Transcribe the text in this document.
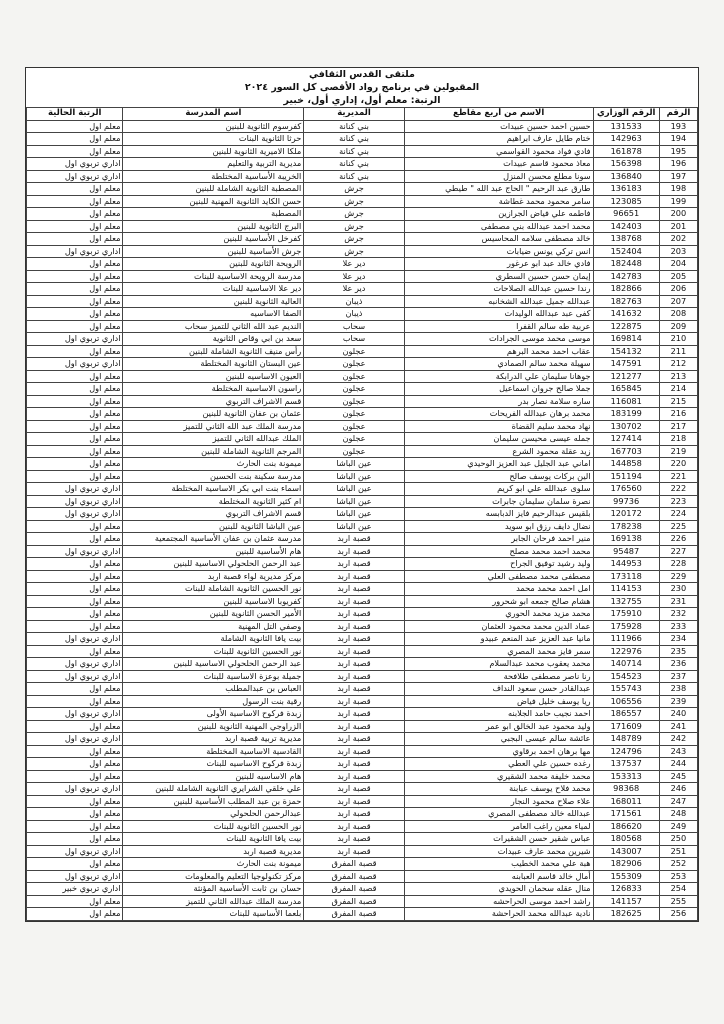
ملتقى القدس الثقافي
المقبولين في برنامج رواد الأقصى كل السور ٢٠٢٤
الرتبة: معلم أول، إداري أول، خبير
الرقم	الرقم الوزاري	الاسم من أربع مقاطع	المديرية	اسم المدرسة	الرتبة الحالية
193	131533	حسين احمد حسين عبيدات	بني كنانة	كفرسوم الثانوية للبنين	معلم اول
194	142963	ختام طايل عارف ابراهيم	بني كنانة	حرثا الثانوية البنات	معلم اول
195	161878	فادي فواد محمود القواسمي	بني كنانة	ملكا الاميرية الثانوية للبنين	معلم اول
196	156398	معاذ محمود قاسم عبيدات	بني كنانة	مديرية التربية والتعليم	اداري تربوي اول
197	136840	سونا مطلع محسن المنزل	بني كنانة	الخريبة الأساسية المختلطة	اداري تربوي اول
198	136183	طارق عبد الرحيم " الحاج عبد الله " طيطي	جرش	المصطبة الثانوية الشاملة للبنين	معلم اول
199	123085	سامر محمود محمد غطاشة	جرش	حسن الكايد الثانوية المهنية للبنين	معلم اول
200	96651	فاطمه علي فياض الجرازين	جرش	المصطبة	معلم اول
201	142403	محمد احمد عبدالله بني مصطفى	جرش	البرج الثانوية للبنين	معلم اول
202	138768	خالد مصطفى سلامه المحاسيس	جرش	كفرخل الأساسية للبنين	معلم اول
203	152404	انس تركي يونس ضيابات	جرش	جرش الأساسية للبنين	اداري تربوي اول
204	182448	فادي خالد عبد ابو عرغور	دير علا	الرويحة الثانوية للبنين	معلم اول
205	142783	إيمان حسن حسين السطري	دير علا	مدرسة الرويحة الاساسية للبنات	معلم اول
206	182866	رندا حسين عبدالله الصلاحات	دير علا	دير علا الاساسية للبنات	معلم اول
207	182763	عبدالله جميل عبدالله الشخانبه	ذيبان	العالية الثانوية للبنين	معلم اول
208	141632	كفى عبد عبدالله الوليدات	ذيبان	الصفا الاساسيه	معلم اول
209	122875	عربية طه سالم القفرا	سحاب	النديم عبد الله الثاني للتميز سحاب	معلم اول
210	169814	موسى محمد موسى الجرادات	سحاب	سعد بن ابي وقاص الثانوية	اداري تربوي اول
211	154132	عقاب احمد محمد البرهم	عجلون	رأس منيف الثانوية الشاملة للبنين	معلم اول
212	147591	سهيلة محمد سالم الصمادي	عجلون	عين البستان الثانوية المختلطة	اداري تربوي اول
213	121277	جوهانا سليمان علي الدرابكة	عجلون	العيون الاساسيه للبنين	معلم اول
214	165845	جملا صالح جروان اسماعيل	عجلون	راسون الاساسية المختلطة	معلم اول
215	116081	ساره سلامة نصار بدر	عجلون	قسم الاشراف التربوي	معلم اول
216	183199	محمد برهان عبدالله الفريحات	عجلون	عثمان بن عفان الثانوية للبنين	معلم اول
217	130702	نهاد محمد سليم القضاة	عجلون	مدرسة الملك عبد الله الثاني للتميز	معلم اول
218	127414	جمله عيسى محيسن سليمان	عجلون	الملك عبدالله الثاني للتميز	معلم اول
219	167703	زيد عقلة محمود الشرع	عجلون	المرجم الثانوية الشاملة للبنين	معلم اول
220	144858	اماني عبد الجليل عبد العزيز الوحيدي	عين الباشا	ميمونة بنت الحارث	معلم اول
221	151194	الين بركات يوسف صالح	عين الباشا	مدرسة سكينة بنت الحسين	معلم اول
222	176560	سلوى عبدالله علي ابو كريم	عين الباشا	اسماء بنت ابي بكر الاساسية المختلطة	اداري تربوي اول
223	99736	نصرة سلمان سليمان جابرات	عين الباشا	ام كثير الثانوية المختلطة	اداري تربوي اول
224	120172	بلقيس عبدالرحيم فايز الدبابسه	عين الباشا	قسم الاشراف التربوي	اداري تربوي اول
225	178238	نضال دايف رزق ابو سويد	عين الباشا	عين الباشا الثانوية للبنين	معلم اول
226	169138	منير احمد فرحان الجابر	قصبة اربد	مدرسة عثمان بن عفان الأساسية المجتمعية	معلم اول
227	95487	محمد احمد محمد مصلح	قصبة اربد	هام الأساسية للبنين	اداري تربوي اول
228	144953	وليد رشيد توفيق الجراح	قصبة اربد	عبد الرحمن الحلحولي الاساسية للبنين	معلم اول
229	173118	مصطفى محمد مصطفى العلي	قصبة اربد	مركز مديرية لواء قصبة اربد	معلم اول
230	114153	امل احمد محمد محمد	قصبة اربد	نور الحسين الثانوية الشاملة للبنات	معلم اول
231	132755	هشام صالح جمعه ابو شحرور	قصبة اربد	كفريوبا الاساسية للبنين	معلم اول
232	175910	محمد مزيد محمد الحوري	قصبة اربد	الأمير الحسن الثانوية للبنين	معلم اول
233	175928	عماد الدين محمد محمود العثمان	قصبة اربد	وصفي التل المهنية	معلم اول
234	111966	مانيا عبد العزيز عبد المنعم عبيدو	قصبة اربد	بيت يافا الثانوية الشاملة	اداري تربوي اول
235	122976	سمر فايز محمد المصري	قصبة اربد	نور الحسين الثانوية للبنات	معلم اول
236	140714	محمد يعقوب محمد عبدالسلام	قصبة اربد	عبد الرحمن الحلحولي الاساسية للبنين	اداري تربوي اول
237	154523	رنا ناصر مصطفى طلافحة	قصبة اربد	جميلة بوعزة الاساسية للبنات	اداري تربوي اول
238	155743	عبدالقادر حسن سعود النداف	قصبة اربد	العباس بن عبدالمطلب	معلم اول
239	106556	ريا يوسف خليل فياض	قصبة اربد	رقية بنت الرسول	معلم اول
240	186557	احمد نجيب حامد الجلابنه	قصبة اربد	زبدة فركوح الاساسية الأولى	اداري تربوي اول
241	171609	وليد محمود عبد الخالق ابو عمر	قصبة اربد	الزراوجي المهنية الثانوية للبنين	معلم اول
242	148789	عائشة سالم عيسى البجبي	قصبة اربد	مديرية تربية قصبة اربد	اداري تربوي اول
243	124796	مها برهان احمد برقاوي	قصبة اربد	القادسية الاساسية المختلطة	معلم اول
244	137537	رغده حسين علي العطي	قصبة اربد	زبدة فركوح الاساسيه للبنات	معلم اول
245	153313	محمد خليفة محمد الشقيري	قصبة اربد	هام الاساسيه للبنين	معلم اول
246	98368	محمد فلاح يوسف عبابنة	قصبة اربد	علي خلقي الشرايري الثانوية الشاملة للبنين	اداري تربوي اول
247	168011	علاء صلاح محمود النجار	قصبة اربد	حمزة بن عبد المطلب الأساسية للبنين	معلم اول
248	171561	عبدالله خالد مصطفى المصري	قصبة اربد	عبدالرحمن الحلحولي	معلم اول
249	186620	لمياء معين راغب العامر	قصبة اربد	نور الحسين الثانوية للبنات	معلم اول
250	180568	عباس شقير حسن الشقيرات	قصبة اربد	بيت يافا الثانوية للبنات	معلم اول
251	143007	شيرين محمد عارف عبيدات	قصبة اربد	مديرية قصبة اربد	اداري تربوي اول
252	182906	هبة علي محمد الخطيب	قصبة المفرق	ميمونة بنت الحارث	معلم اول
253	155309	أمال خالد قاسم العبابنه	قصبة المفرق	مركز تكنولوجيا التعليم والمعلومات	اداري تربوي اول
254	126833	منال عقله سحمان الحويدي	قصبة المفرق	حسان بن ثابت الأساسية المؤنثة	اداري تربوي خبير
255	141157	راشد احمد موسى الحراحشه	قصبة المفرق	مدرسة الملك عبدالله الثاني للتميز	معلم اول
256	182625	نادية عبدالله محمد الحراحشة	قصبة المفرق	بلعما الأساسية للبنات	معلم اول
